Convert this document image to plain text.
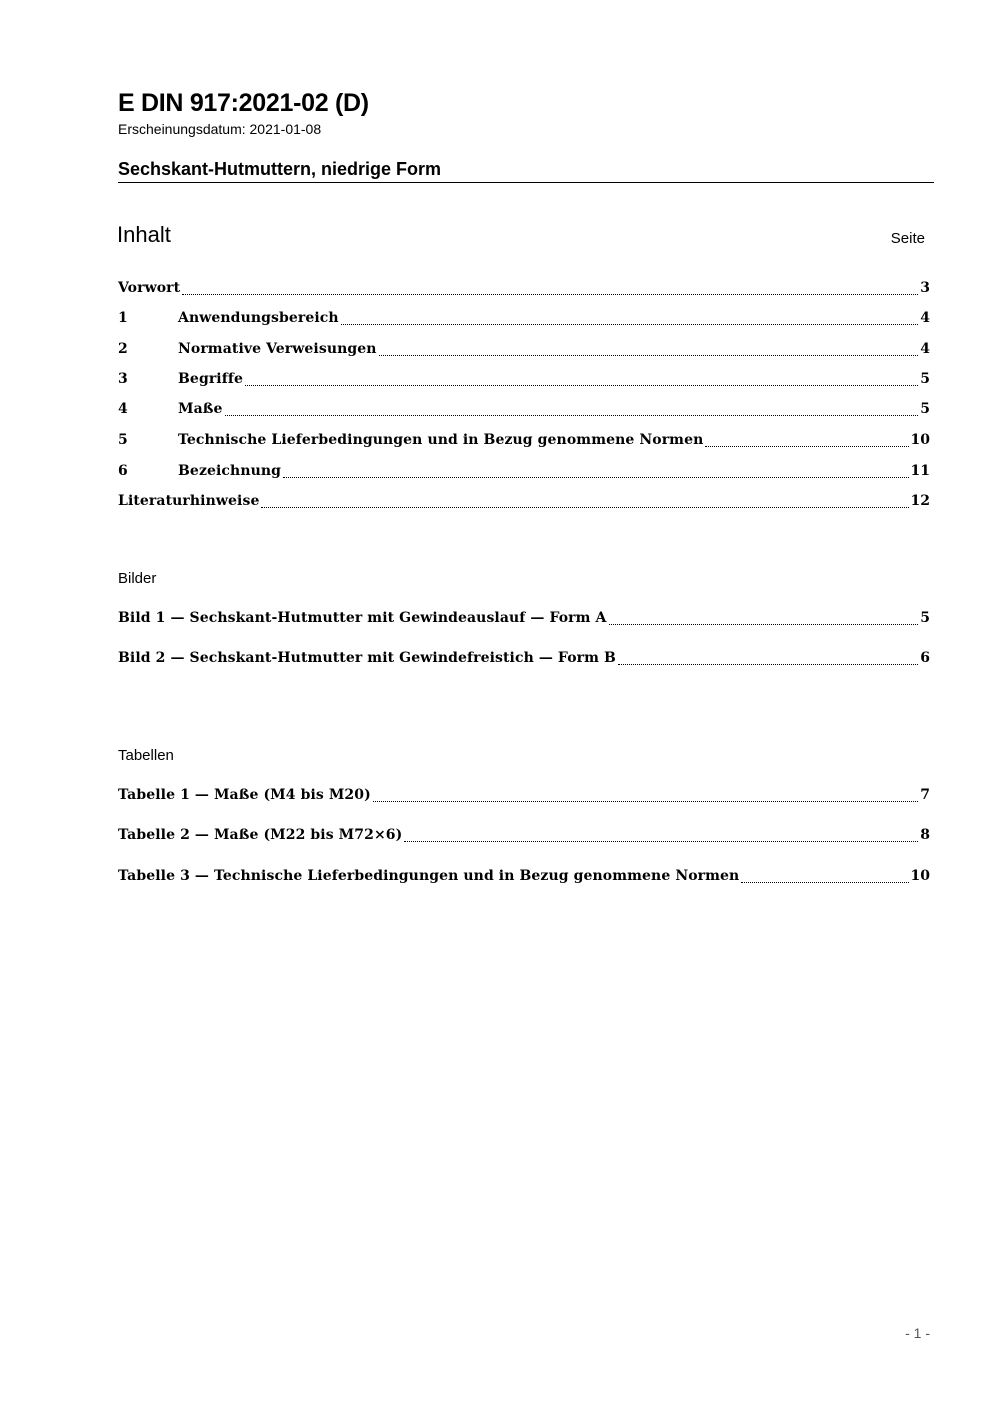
E DIN 917:2021-02 (D)
Erscheinungsdatum: 2021-01-08
Sechskant-Hutmuttern, niedrige Form
Inhalt	Seite
Vorwort	3
1	Anwendungsbereich	4
2	Normative Verweisungen	4
3	Begriffe	5
4	Maße	5
5	Technische Lieferbedingungen und in Bezug genommene Normen	10
6	Bezeichnung	11
Literaturhinweise	12
Bilder
Bild 1 — Sechskant-Hutmutter mit Gewindeauslauf — Form A	5
Bild 2 — Sechskant-Hutmutter mit Gewindefreistich — Form B	6
Tabellen
Tabelle 1 — Maße (M4 bis M20)	7
Tabelle 2 — Maße (M22 bis M72×6)	8
Tabelle 3 — Technische Lieferbedingungen und in Bezug genommene Normen	10
- 1 -
